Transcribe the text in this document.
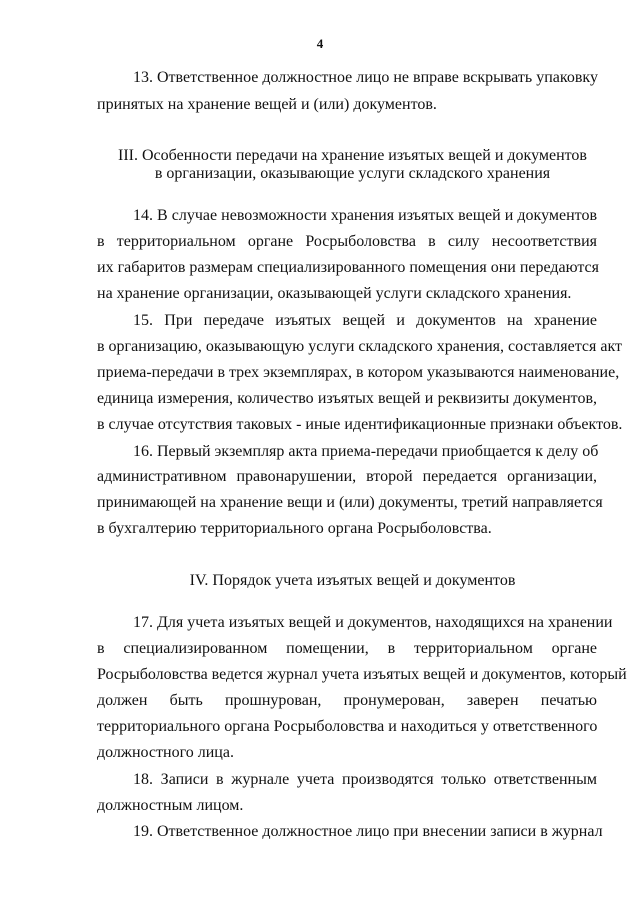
4
13. Ответственное должностное лицо не вправе вскрывать упаковку
принятых на хранение вещей и (или) документов.
III. Особенности передачи на хранение изъятых вещей и документов
в организации, оказывающие услуги складского хранения
14. В случае невозможности хранения изъятых вещей и документов
в территориальном органе Росрыболовства в силу несоответствия
их габаритов размерам специализированного помещения они передаются
на хранение организации, оказывающей услуги складского хранения.
15. При передаче изъятых вещей и документов на хранение
в организацию, оказывающую услуги складского хранения, составляется акт
приема-передачи в трех экземплярах, в котором указываются наименование,
единица измерения, количество изъятых вещей и реквизиты документов,
в случае отсутствия таковых - иные идентификационные признаки объектов.
16. Первый экземпляр акта приема-передачи приобщается к делу об
административном правонарушении, второй передается организации,
принимающей на хранение вещи и (или) документы, третий направляется
в бухгалтерию территориального органа Росрыболовства.
IV. Порядок учета изъятых вещей и документов
17. Для учета изъятых вещей и документов, находящихся на хранении
в специализированном помещении, в территориальном органе
Росрыболовства ведется журнал учета изъятых вещей и документов, который
должен быть прошнурован, пронумерован, заверен печатью
территориального органа Росрыболовства и находиться у ответственного
должностного лица.
18. Записи в журнале учета производятся только ответственным
должностным лицом.
19. Ответственное должностное лицо при внесении записи в журнал
